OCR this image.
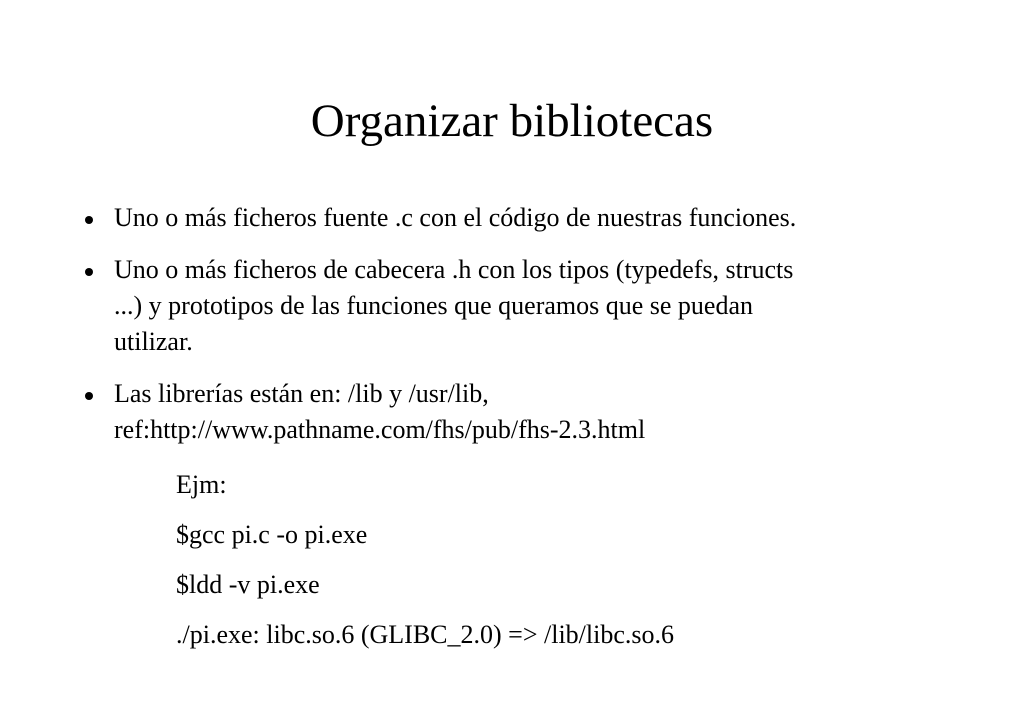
Organizar bibliotecas
Uno o más ficheros fuente .c con el código de nuestras funciones.
Uno o más ficheros de cabecera .h con los tipos (typedefs, structs
...) y prototipos de las funciones que queramos que se puedan
utilizar.
Las librerías están en: /lib y /usr/lib,
ref:http://www.pathname.com/fhs/pub/fhs-2.3.html
Ejm:
$gcc pi.c -o pi.exe
$ldd -v pi.exe
./pi.exe: libc.so.6 (GLIBC_2.0) => /lib/libc.so.6
